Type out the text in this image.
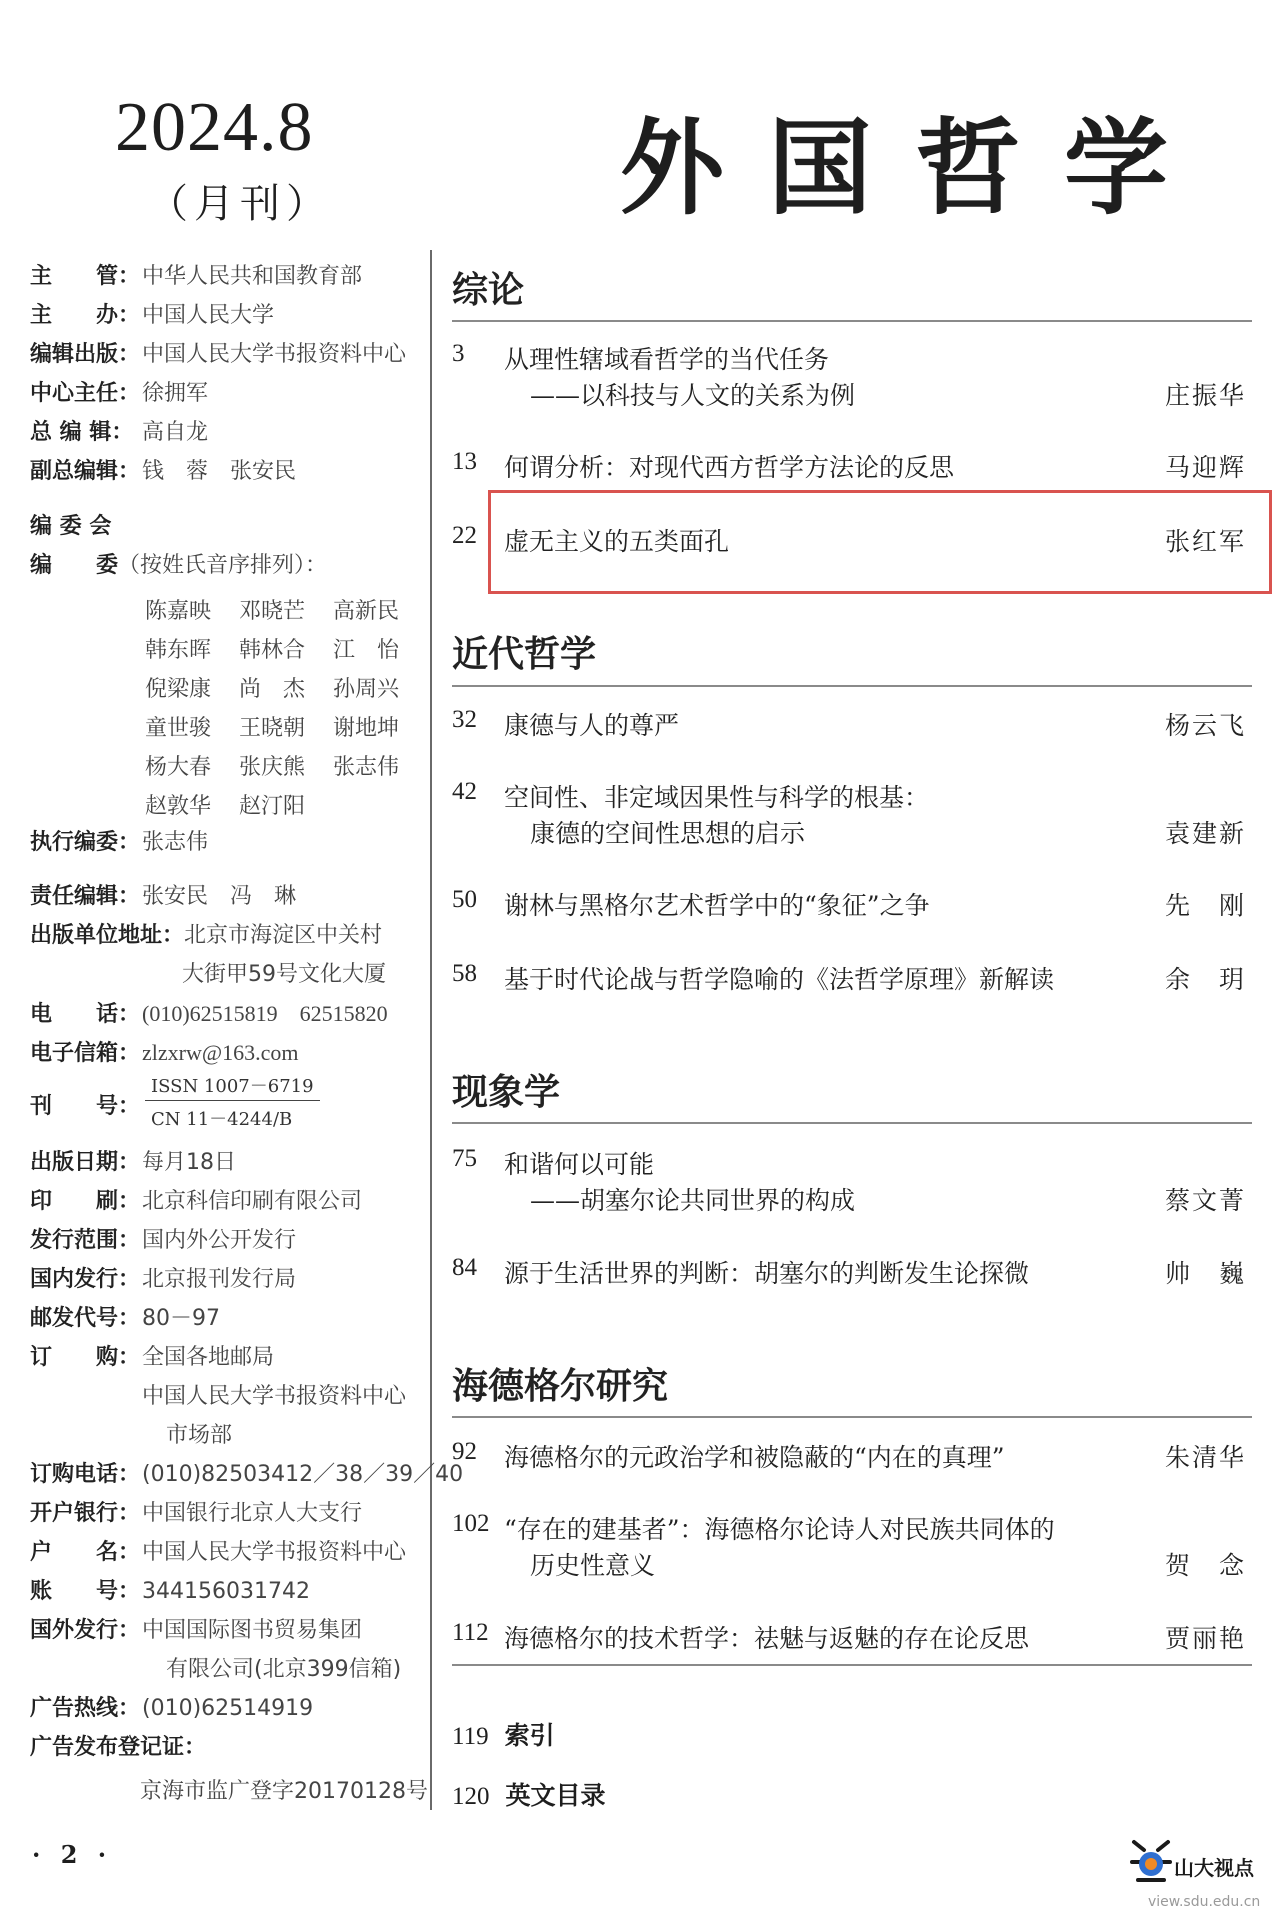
2024.8
（月刊）	外国哲学
主　　管：中华人民共和国教育部
主　　办：中国人民大学
编辑出版：中国人民大学书报资料中心
中心主任：徐拥军
总 编 辑： 高自龙
副总编辑：钱　蓉　张安民
编 委 会
编　　委（按姓氏音序排列）：
陈嘉映 邓晓芒 高新民
韩东晖 韩林合 江　怡
倪梁康 尚　杰 孙周兴
童世骏 王晓朝 谢地坤
杨大春 张庆熊 张志伟
赵敦华 赵汀阳
执行编委：张志伟
责任编辑：张安民　冯　琳
出版单位地址：北京市海淀区中关村
大街甲59号文化大厦
电　　话：(010)62515819　62515820
电子信箱：zlzxrw@163.com
刊　　号：
ISSN 1007－6719
CN 11－4244/B
出版日期：每月18日
印　　刷：北京科信印刷有限公司
发行范围：国内外公开发行
国内发行：北京报刊发行局
邮发代号：80－97
订　　购：全国各地邮局
中国人民大学书报资料中心
市场部
订购电话：(010)82503412／38／39／40
开户银行：中国银行北京人大支行
户　　名：中国人民大学书报资料中心
账　　号：344156031742
国外发行：中国国际图书贸易集团
有限公司(北京399信箱)
广告热线：(010)62514919
广告发布登记证：
京海市监广登字20170128号
综论
3	从理性辖域看哲学的当代任务
——以科技与人文的关系为例	庄振华
13	何谓分析：对现代西方哲学方法论的反思	马迎辉
22	虚无主义的五类面孔	张红军
近代哲学
32	康德与人的尊严	杨云飞
42	空间性、非定域因果性与科学的根基：
康德的空间性思想的启示	袁建新
50	谢林与黑格尔艺术哲学中的“象征”之争	先　刚
58	基于时代论战与哲学隐喻的《法哲学原理》新解读	余　玥
现象学
75	和谐何以可能
——胡塞尔论共同世界的构成	蔡文菁
84	源于生活世界的判断：胡塞尔的判断发生论探微	帅　巍
海德格尔研究
92	海德格尔的元政治学和被隐蔽的“内在的真理”	朱清华
102 “存在的建基者”：海德格尔论诗人对民族共同体的
历史性意义	贺　念
112 海德格尔的技术哲学：祛魅与返魅的存在论反思	贾丽艳
119 索引
120 英文目录
· 2 ·	山大视点
view.sdu.edu.cn
